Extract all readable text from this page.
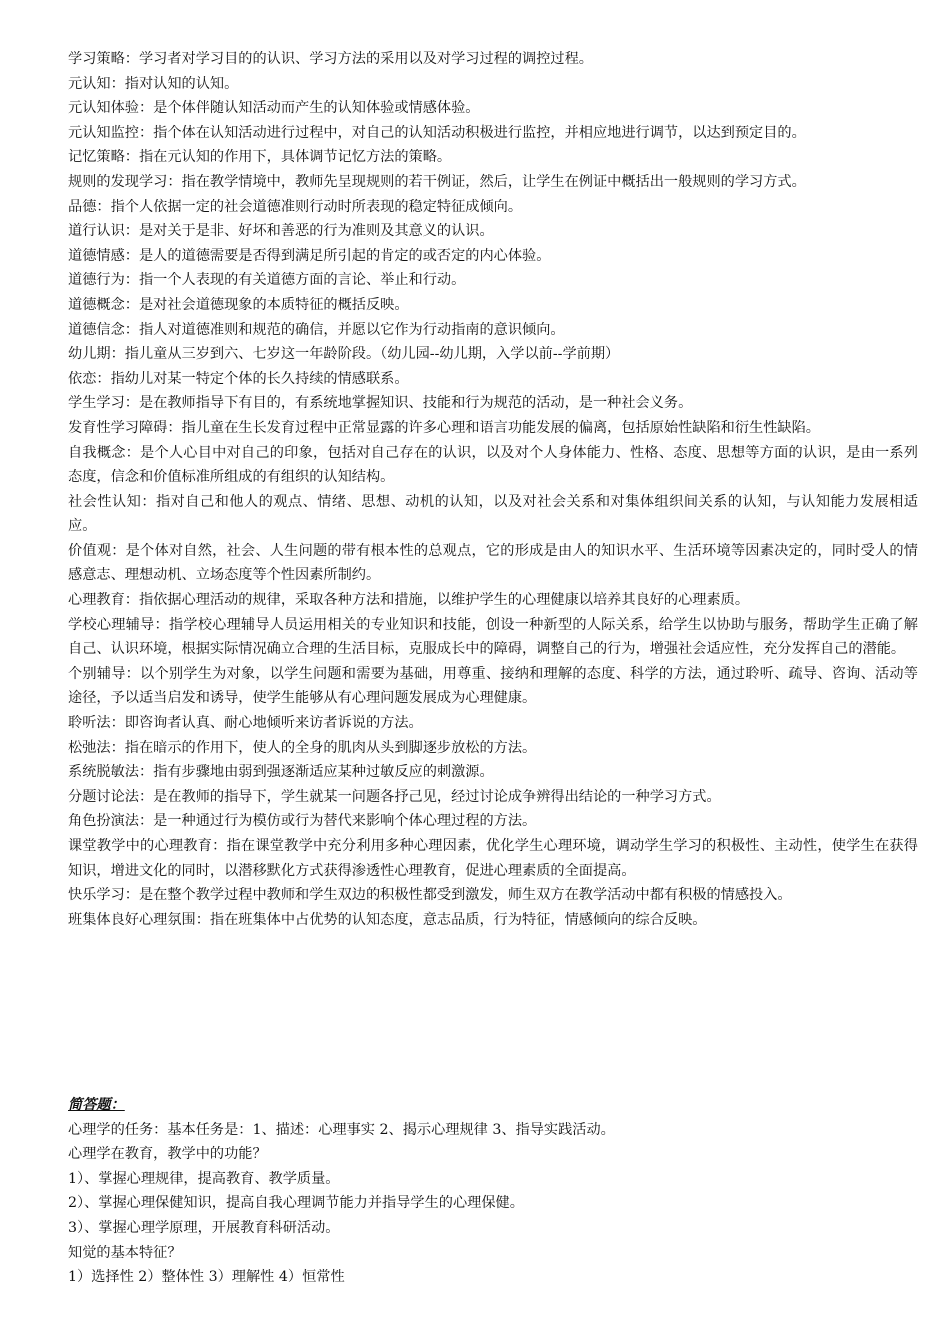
学习策略：学习者对学习目的的认识、学习方法的采用以及对学习过程的调控过程。

元认知：指对认知的认知。

元认知体验：是个体伴随认知活动而产生的认知体验或情感体验。

元认知监控：指个体在认知活动进行过程中，对自己的认知活动积极进行监控，并相应地进行调节，以达到预定目的。

记忆策略：指在元认知的作用下，具体调节记忆方法的策略。

规则的发现学习：指在教学情境中，教师先呈现规则的若干例证，然后，让学生在例证中概括出一般规则的学习方式。

品德：指个人依据一定的社会道德准则行动时所表现的稳定特征成倾向。

道行认识：是对关于是非、好坏和善恶的行为准则及其意义的认识。

道德情感：是人的道德需要是否得到满足所引起的肯定的或否定的内心体验。

道德行为：指一个人表现的有关道德方面的言论、举止和行动。

道德概念：是对社会道德现象的本质特征的概括反映。

道德信念：指人对道德准则和规范的确信，并愿以它作为行动指南的意识倾向。

幼儿期：指儿童从三岁到六、七岁这一年龄阶段。（幼儿园--幼儿期，入学以前--学前期）

依恋：指幼儿对某一特定个体的长久持续的情感联系。

学生学习：是在教师指导下有目的，有系统地掌握知识、技能和行为规范的活动，是一种社会义务。

发育性学习障碍：指儿童在生长发育过程中正常显露的许多心理和语言功能发展的偏离，包括原始性缺陷和衍生性缺陷。

自我概念：是个人心目中对自己的印象，包括对自己存在的认识，以及对个人身体能力、性格、态度、思想等方面的认识，是由一系列态度，信念和价值标准所组成的有组织的认知结构。

社会性认知：指对自己和他人的观点、情绪、思想、动机的认知，以及对社会关系和对集体组织间关系的认知，与认知能力发展相适应。

价值观：是个体对自然，社会、人生问题的带有根本性的总观点，它的形成是由人的知识水平、生活环境等因素决定的，同时受人的情感意志、理想动机、立场态度等个性因素所制约。

心理教育：指依据心理活动的规律，采取各种方法和措施，以维护学生的心理健康以培养其良好的心理素质。

学校心理辅导：指学校心理辅导人员运用相关的专业知识和技能，创设一种新型的人际关系，给学生以协助与服务，帮助学生正确了解自己、认识环境，根据实际情况确立合理的生活目标，克服成长中的障碍，调整自己的行为，增强社会适应性，充分发挥自己的潜能。

个别辅导：以个别学生为对象，以学生问题和需要为基础，用尊重、接纳和理解的态度、科学的方法，通过聆听、疏导、咨询、活动等途径，予以适当启发和诱导，使学生能够从有心理问题发展成为心理健康。

聆听法：即咨询者认真、耐心地倾听来访者诉说的方法。

松弛法：指在暗示的作用下，使人的全身的肌肉从头到脚逐步放松的方法。

系统脱敏法：指有步骤地由弱到强逐渐适应某种过敏反应的刺激源。

分题讨论法：是在教师的指导下，学生就某一问题各抒己见，经过讨论成争辨得出结论的一种学习方式。

角色扮演法：是一种通过行为模仿或行为替代来影响个体心理过程的方法。

课堂教学中的心理教育：指在课堂教学中充分利用多种心理因素，优化学生心理环境，调动学生学习的积极性、主动性，使学生在获得知识，增进文化的同时，以潜移默化方式获得渗透性心理教育，促进心理素质的全面提高。

快乐学习：是在整个教学过程中教师和学生双边的积极性都受到激发，师生双方在教学活动中都有积极的情感投入。

班集体良好心理氛围：指在班集体中占优势的认知态度，意志品质，行为特征，情感倾向的综合反映。

简答题：

心理学的任务：基本任务是：1、描述：心理事实 2、揭示心理规律 3、指导实践活动。

心理学在教育，教学中的功能？

1）、掌握心理规律，提高教育、教学质量。

2）、掌握心理保健知识，提高自我心理调节能力并指导学生的心理保健。

3）、掌握心理学原理，开展教育科研活动。

知觉的基本特征？

1）选择性 2）整体性 3）理解性 4）恒常性
